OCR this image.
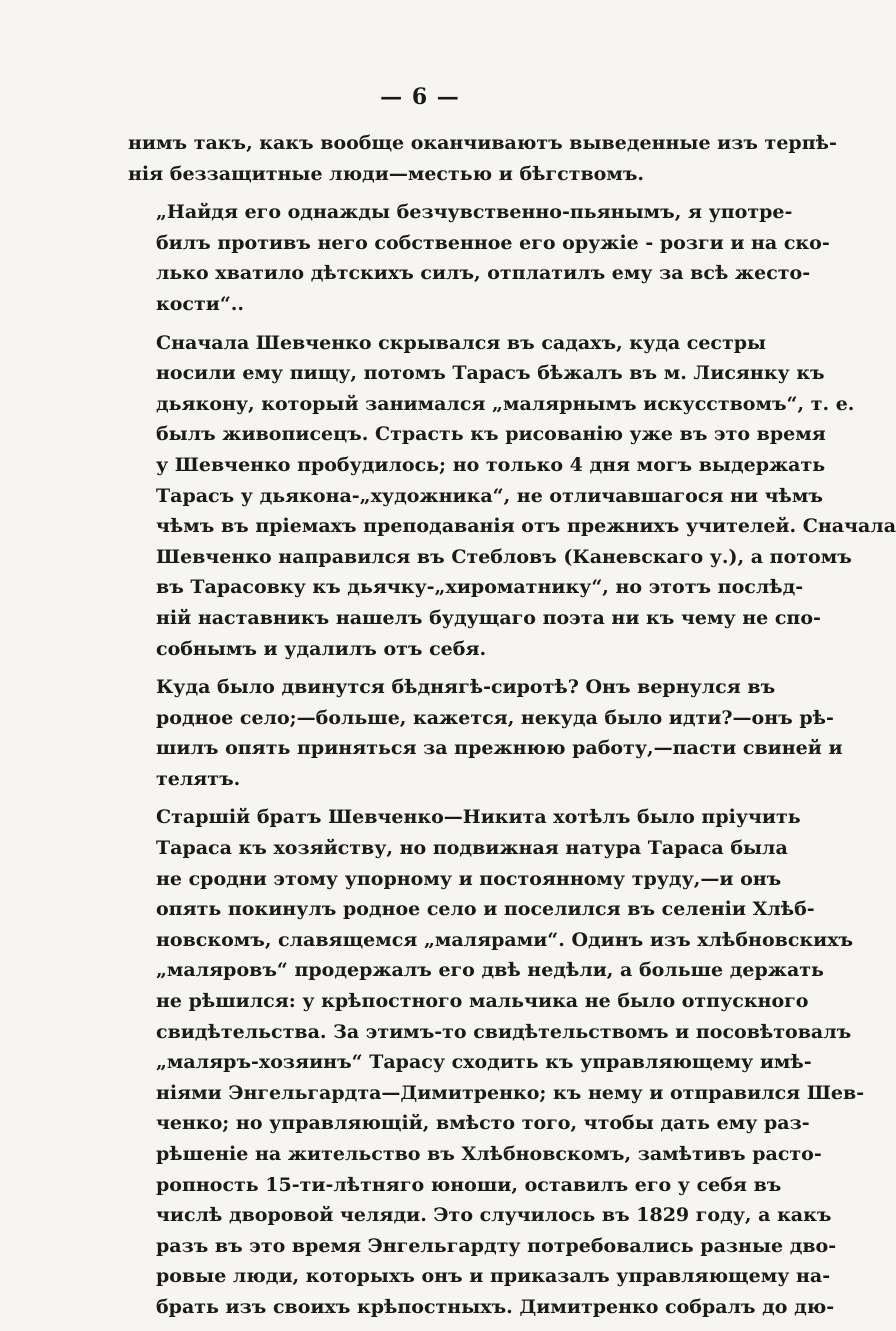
— 6 —
нимъ такъ, какъ вообще оканчиваютъ выведенные изъ терпѣ-
нія беззащитные люди—местью и бѣгствомъ.
„Найдя его однажды безчувственно-пьянымъ, я употре-
билъ противъ него собственное его оружіе - розги и на ско-
лько хватило дѣтскихъ силъ, отплатилъ ему за всѣ жесто-
кости“..
Сначала Шевченко скрывался въ садахъ, куда сестры
носили ему пищу, потомъ Тарасъ бѣжалъ въ м. Лисянку къ
дьякону, который занимался „малярнымъ искусствомъ“, т. е.
былъ живописецъ. Страсть къ рисованію уже въ это время
у Шевченко пробудилось; но только 4 дня могъ выдержать
Тарасъ у дьякона-„художника“, не отличавшагося ни чѣмъ
чѣмъ въ пріемахъ преподаванія отъ прежнихъ учителей. Сначала
Шевченко направился въ Стебловъ (Каневскаго у.), а потомъ
въ Тарасовку къ дьячку-„хироматнику“, но этотъ послѣд-
ній наставникъ нашелъ будущаго поэта ни къ чему не спо-
собнымъ и удалилъ отъ себя.
Куда было двинутся бѣднягѣ-сиротѣ? Онъ вернулся въ
родное село;—больше, кажется, некуда было идти?—онъ рѣ-
шилъ опять приняться за прежнюю работу,—пасти свиней и
телятъ.
Старшій братъ Шевченко—Никита хотѣлъ было пріучить
Тараса къ хозяйству, но подвижная натура Тараса была
не сродни этому упорному и постоянному труду,—и онъ
опять покинулъ родное село и поселился въ селеніи Хлѣб-
новскомъ, славящемся „малярами“. Одинъ изъ хлѣбновскихъ
„маляровъ“ продержалъ его двѣ недѣли, а больше держать
не рѣшился: у крѣпостного мальчика не было отпускного
свидѣтельства. За этимъ-то свидѣтельствомъ и посовѣтовалъ
„маляръ-хозяинъ“ Тарасу сходить къ управляющему имѣ-
ніями Энгельгардта—Димитренко; къ нему и отправился Шев-
ченко; но управляющій, вмѣсто того, чтобы дать ему раз-
рѣшеніе на жительство въ Хлѣбновскомъ, замѣтивъ расто-
ропность 15-ти-лѣтняго юноши, оставилъ его у себя въ
числѣ дворовой челяди. Это случилось въ 1829 году, а какъ
разъ въ это время Энгельгардту потребовались разные дво-
ровые люди, которыхъ онъ и приказалъ управляющему на-
брать изъ своихъ крѣпостныхъ. Димитренко собралъ до дю-
